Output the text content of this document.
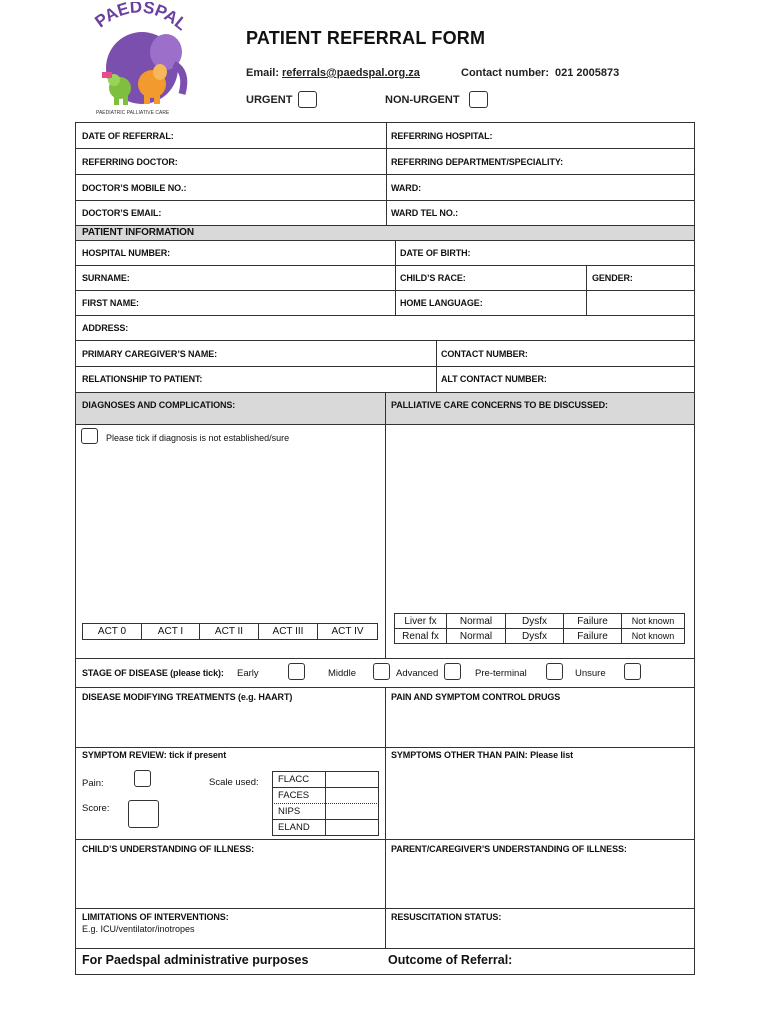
PAEDSPAL
PAEDIATRIC PALLIATIVE CARE
PATIENT REFERRAL FORM
Email: referrals@paedspal.org.za	Contact number: 021 2005873
URGENT	NON-URGENT
DATE OF REFERRAL:	REFERRING HOSPITAL:
REFERRING DOCTOR:	REFERRING DEPARTMENT/SPECIALITY:
DOCTOR’S MOBILE NO.:	WARD:
DOCTOR’S EMAIL:	WARD TEL NO.:
PATIENT INFORMATION
HOSPITAL NUMBER:	DATE OF BIRTH:
SURNAME:	CHILD’S RACE:	GENDER:
FIRST NAME:	HOME LANGUAGE:
ADDRESS:
PRIMARY CAREGIVER’S NAME:	CONTACT NUMBER:
RELATIONSHIP TO PATIENT:	ALT CONTACT NUMBER:
DIAGNOSES AND COMPLICATIONS:	PALLIATIVE CARE CONCERNS TO BE DISCUSSED:
Please tick if diagnosis is not established/sure
ACT 0	ACT I	ACT II	ACT III	ACT IV
Liver fx	Normal	Dysfx	Failure	Not known
Renal fx	Normal	Dysfx	Failure	Not known
STAGE OF DISEASE (please tick): Early	Middle	Advanced	Pre-terminal	Unsure
DISEASE MODIFYING TREATMENTS (e.g. HAART)	PAIN AND SYMPTOM CONTROL DRUGS
SYMPTOM REVIEW: tick if present	SYMPTOMS OTHER THAN PAIN: Please list
Pain:	Scale used:
Score:
FLACC
FACES
NIPS
ELAND
CHILD’S UNDERSTANDING OF ILLNESS:	PARENT/CAREGIVER’S UNDERSTANDING OF ILLNESS:
LIMITATIONS OF INTERVENTIONS:
E.g. ICU/ventilator/inotropes
RESUSCITATION STATUS:
For Paedspal administrative purposes	Outcome of Referral:
